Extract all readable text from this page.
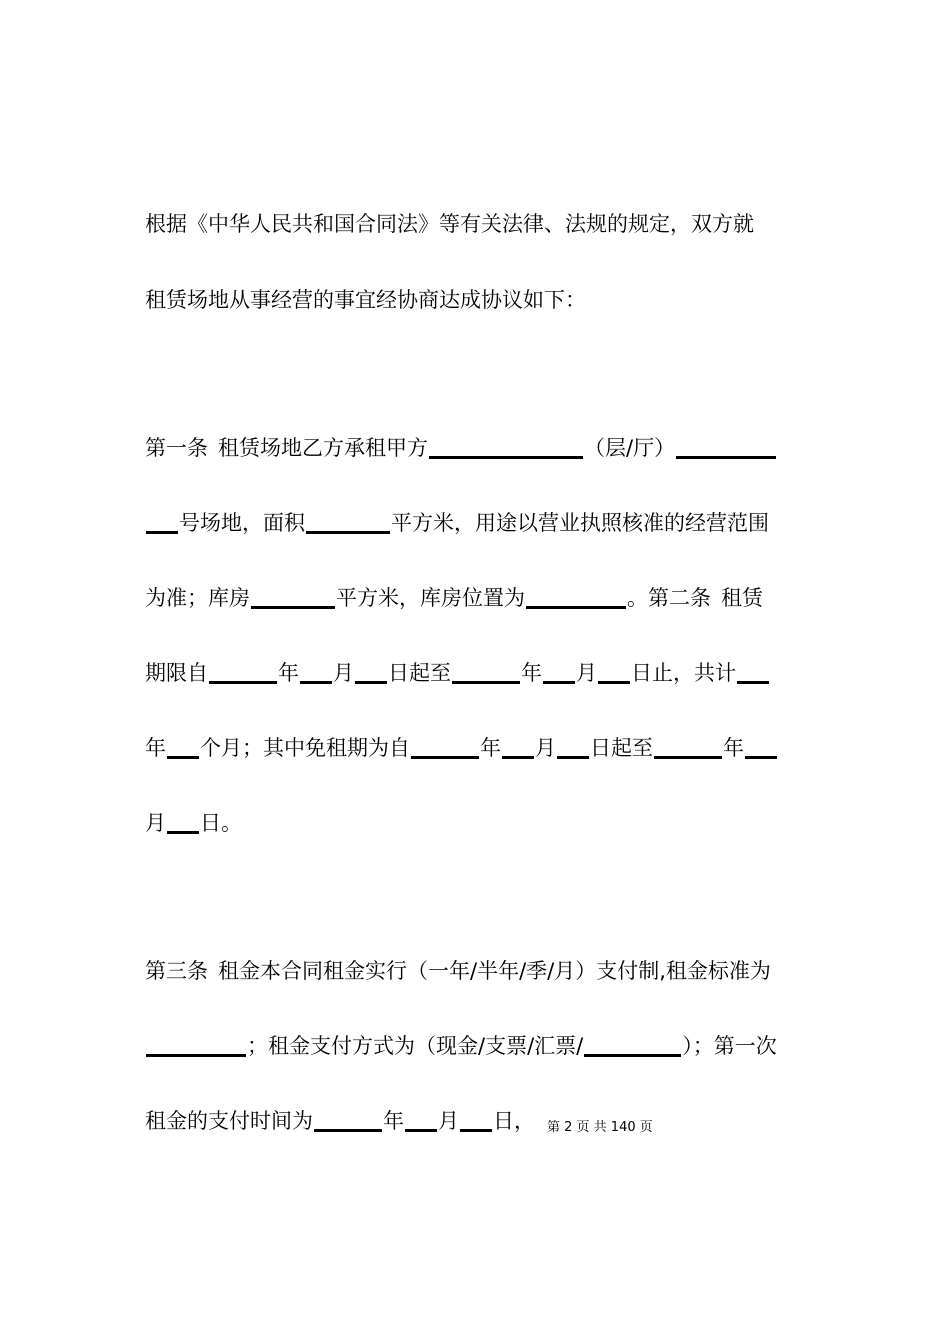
根据《中华人民共和国合同法》等有关法律、法规的规定，双方就
租赁场地从事经营的事宜经协商达成协议如下：
第一条 租赁场地乙方承租甲方	（层/厅）
号场地，面积	平方米，用途以营业执照核准的经营范围
为准；库房	平方米，库房位置为	。第二条 租赁
期限自	年 月 日起至	年 月 日止，共计
年 个月；其中免租期为自	年 月 日起至	年
月 日。
第三条 租金本合同租金实行（一年/半年/季/月）支付制,租金标准为
；租金支付方式为（现金/支票/汇票/	）；第一次
租金的支付时间为	年 月 日， 第 2 页 共 140 页
